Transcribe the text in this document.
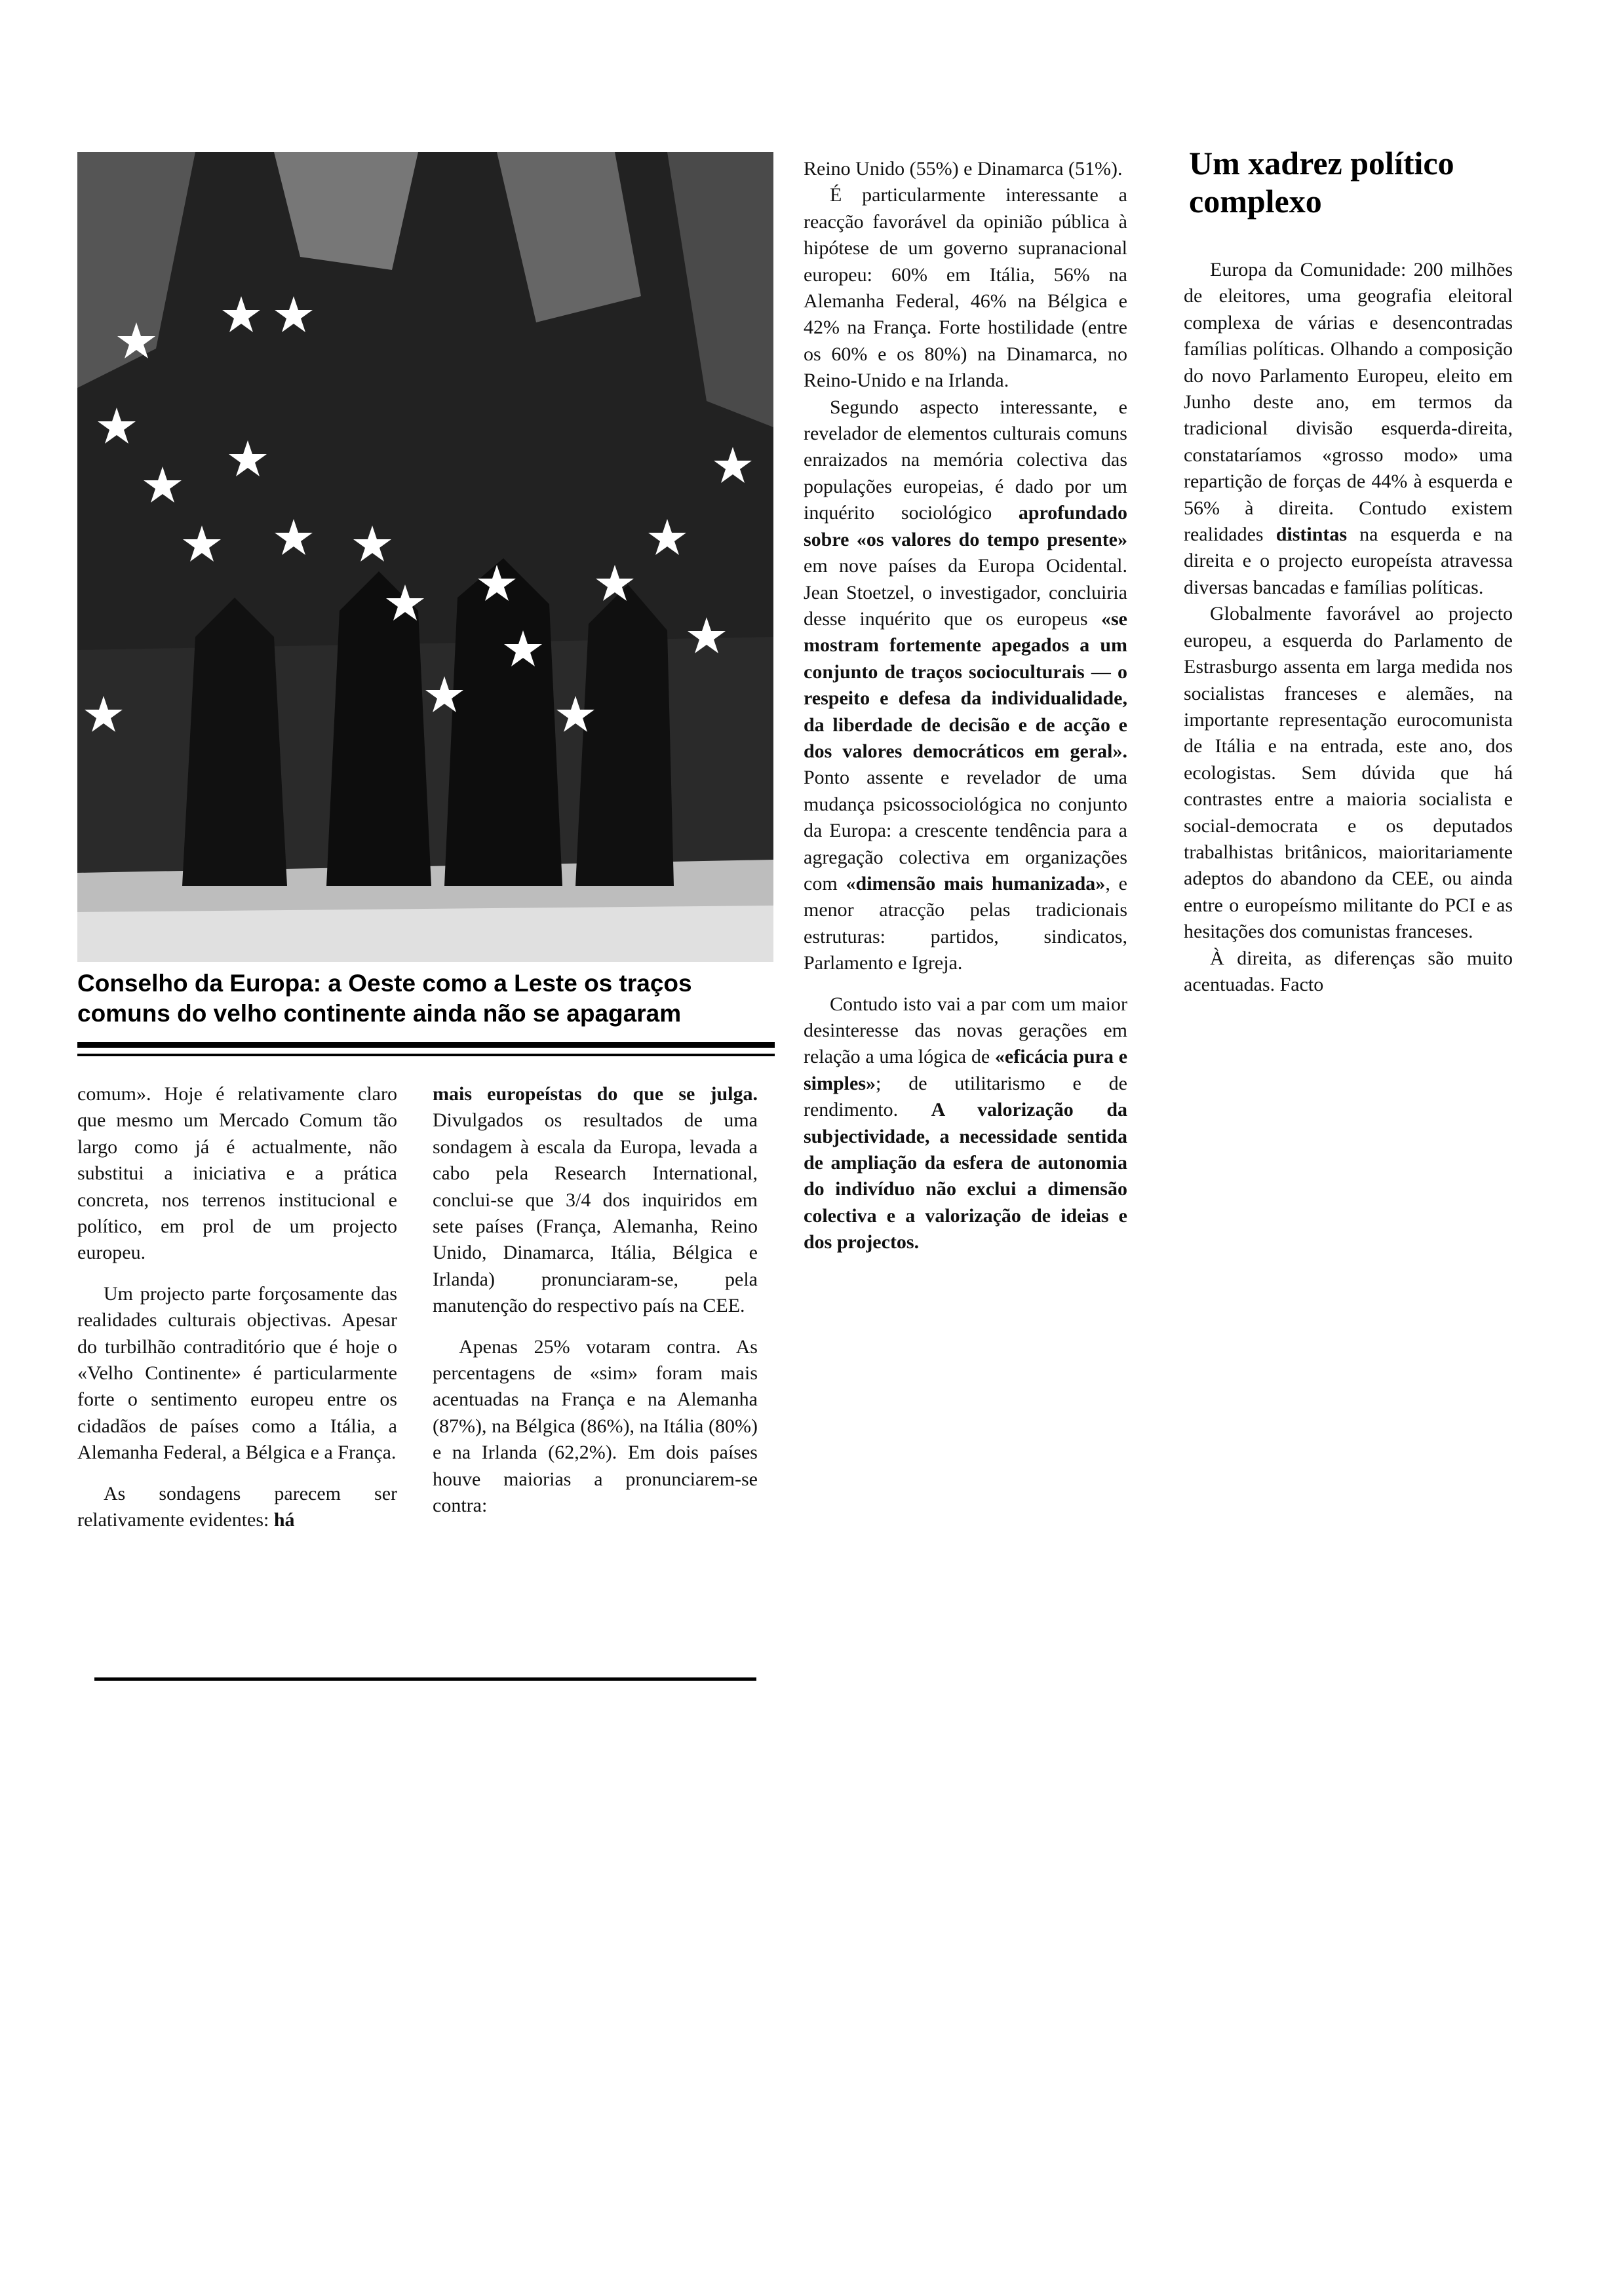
Conselho da Europa: a Oeste como a Leste os traços comuns do velho continente ainda não se apagaram

comum». Hoje é relativamente claro que mesmo um Mercado Comum tão largo como já é actualmente, não substitui a iniciativa e a prática concreta, nos terrenos institucional e político, em prol de um projecto europeu.

Um projecto parte forçosamente das realidades culturais objectivas. Apesar do turbilhão contraditório que é hoje o «Velho Continente» é particularmente forte o sentimento europeu entre os cidadãos de países como a Itália, a Alemanha Federal, a Bélgica e a França.

As sondagens parecem ser relativamente evidentes: há

mais europeístas do que se julga. Divulgados os resultados de uma sondagem à escala da Europa, levada a cabo pela Research International, conclui-se que 3/4 dos inquiridos em sete países (França, Alemanha, Reino Unido, Dinamarca, Itália, Bélgica e Irlanda) pronunciaram-se, pela manutenção do respectivo país na CEE.

Apenas 25% votaram contra. As percentagens de «sim» foram mais acentuadas na França e na Alemanha (87%), na Bélgica (86%), na Itália (80%) e na Irlanda (62,2%). Em dois países houve maiorias a pronunciarem-se contra:

Reino Unido (55%) e Dinamarca (51%).

É particularmente interessante a reacção favorável da opinião pública à hipótese de um governo supranacional europeu: 60% em Itália, 56% na Alemanha Federal, 46% na Bélgica e 42% na França. Forte hostilidade (entre os 60% e os 80%) na Dinamarca, no Reino-Unido e na Irlanda.

Segundo aspecto interessante, e revelador de elementos culturais comuns enraizados na memória colectiva das populações europeias, é dado por um inquérito sociológico aprofundado sobre «os valores do tempo presente» em nove países da Europa Ocidental. Jean Stoetzel, o investigador, concluiria desse inquérito que os europeus «se mostram fortemente apegados a um conjunto de traços socioculturais — o respeito e defesa da individualidade, da liberdade de decisão e de acção e dos valores democráticos em geral». Ponto assente e revelador de uma mudança psicossociológica no conjunto da Europa: a crescente tendência para a agregação colectiva em organizações com «dimensão mais humanizada», e menor atracção pelas tradicionais estruturas: partidos, sindicatos, Parlamento e Igreja.

Contudo isto vai a par com um maior desinteresse das novas gerações em relação a uma lógica de «eficácia pura e simples»; de utilitarismo e de rendimento. A valorização da subjectividade, a necessidade sentida de ampliação da esfera de autonomia do indivíduo não exclui a dimensão colectiva e a valorização de ideias e dos projectos.

Um xadrez político complexo

Europa da Comunidade: 200 milhões de eleitores, uma geografia eleitoral complexa de várias e desencontradas famílias políticas. Olhando a composição do novo Parlamento Europeu, eleito em Junho deste ano, em termos da tradicional divisão esquerda-direita, constataríamos «grosso modo» uma repartição de forças de 44% à esquerda e 56% à direita. Contudo existem realidades distintas na esquerda e na direita e o projecto europeísta atravessa diversas bancadas e famílias políticas.

Globalmente favorável ao projecto europeu, a esquerda do Parlamento de Estrasburgo assenta em larga medida nos socialistas franceses e alemães, na importante representação eurocomunista de Itália e na entrada, este ano, dos ecologistas. Sem dúvida que há contrastes entre a maioria socialista e social-democrata e os deputados trabalhistas britânicos, maioritariamente adeptos do abandono da CEE, ou ainda entre o europeísmo militante do PCI e as hesitações dos comunistas franceses.

À direita, as diferenças são muito acentuadas. Facto
